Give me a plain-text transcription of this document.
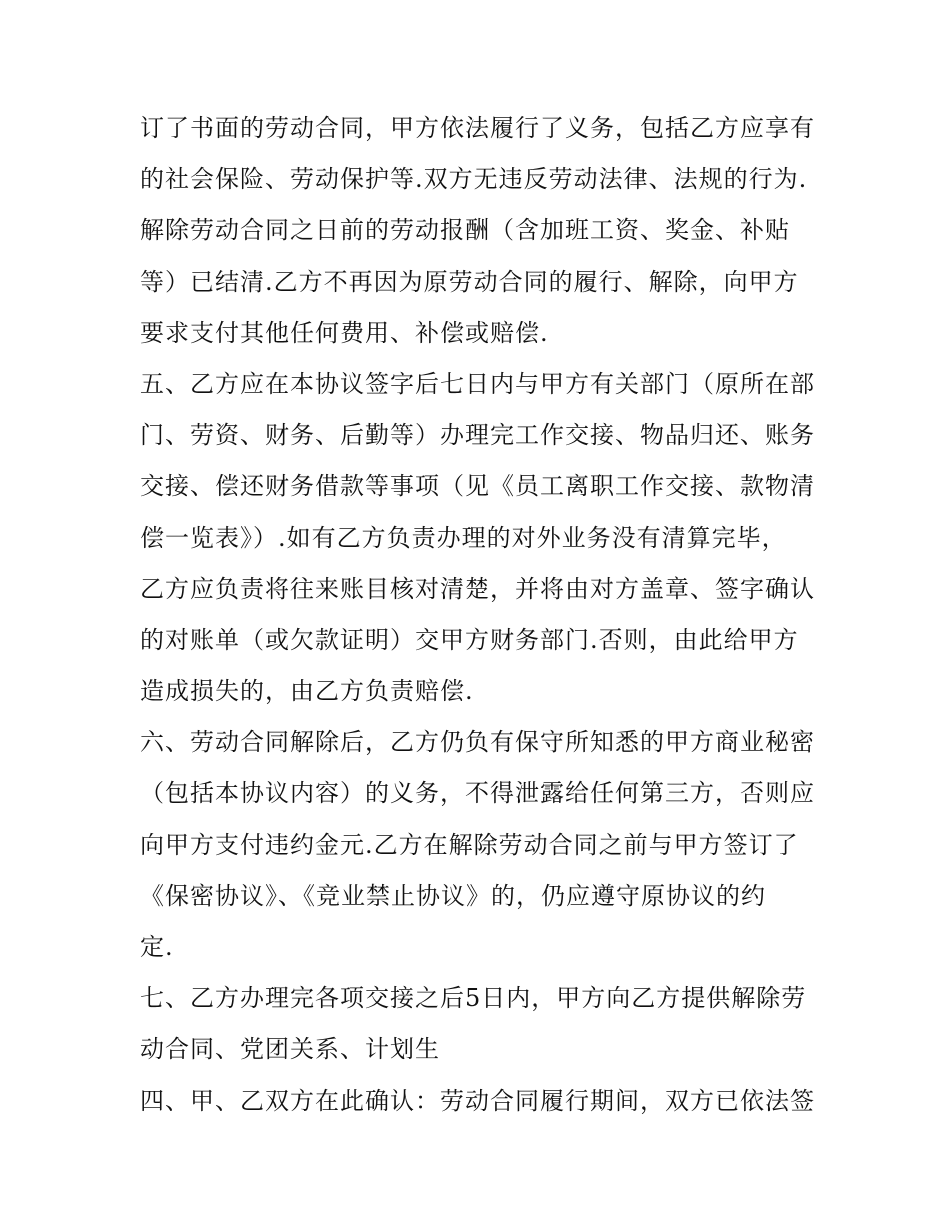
订了书面的劳动合同，甲方依法履行了义务，包括乙方应享有
的社会保险、劳动保护等.双方无违反劳动法律、法规的行为.
解除劳动合同之日前的劳动报酬（含加班工资、奖金、补贴
等）已结清.乙方不再因为原劳动合同的履行、解除，向甲方
要求支付其他任何费用、补偿或赔偿.
五、乙方应在本协议签字后七日内与甲方有关部门（原所在部
门、劳资、财务、后勤等）办理完工作交接、物品归还、账务
交接、偿还财务借款等事项（见《员工离职工作交接、款物清
偿一览表》）.如有乙方负责办理的对外业务没有清算完毕，
乙方应负责将往来账目核对清楚，并将由对方盖章、签字确认
的对账单（或欠款证明）交甲方财务部门.否则，由此给甲方
造成损失的，由乙方负责赔偿.
六、劳动合同解除后，乙方仍负有保守所知悉的甲方商业秘密
（包括本协议内容）的义务，不得泄露给任何第三方，否则应
向甲方支付违约金元.乙方在解除劳动合同之前与甲方签订了
《保密协议》、《竞业禁止协议》的，仍应遵守原协议的约
定.
七、乙方办理完各项交接之后5日内，甲方向乙方提供解除劳
动合同、党团关系、计划生
四、甲、乙双方在此确认：劳动合同履行期间，双方已依法签
